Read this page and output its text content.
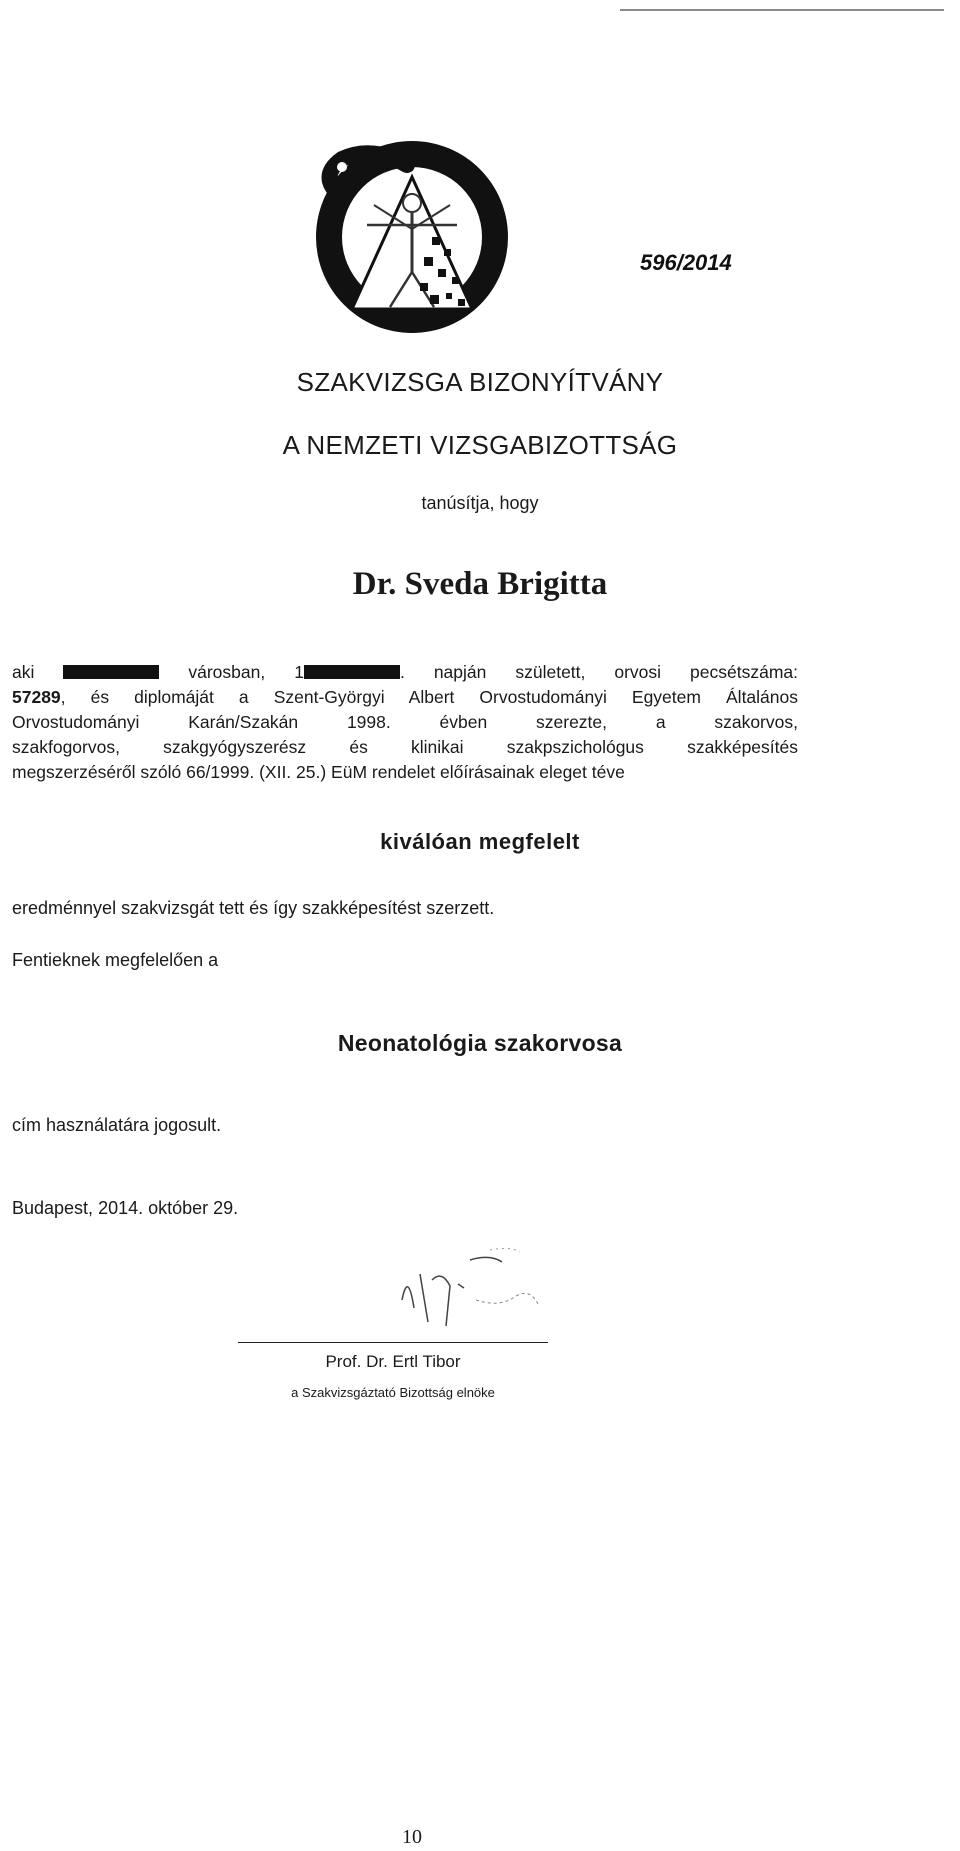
596/2014
SZAKVIZSGA BIZONYÍTVÁNY
A NEMZETI VIZSGABIZOTTSÁG
tanúsítja, hogy
Dr. Sveda Brigitta
aki	városban, 1	. napján született, orvosi pecsétszáma:
57289, és diplomáját a Szent-Györgyi Albert Orvostudományi Egyetem Általános
Orvostudományi Karán/Szakán 1998. évben szerezte, a szakorvos,
szakfogorvos, szakgyógyszerész és klinikai szakpszichológus szakképesítés
megszerzéséről szóló 66/1999. (XII. 25.) EüM rendelet előírásainak eleget téve
kiválóan megfelelt
eredménnyel szakvizsgát tett és így szakképesítést szerzett.
Fentieknek megfelelően a
Neonatológia szakorvosa
cím használatára jogosult.
Budapest, 2014. október 29.
Prof. Dr. Ertl Tibor
a Szakvizsgáztató Bizottság elnöke
10
